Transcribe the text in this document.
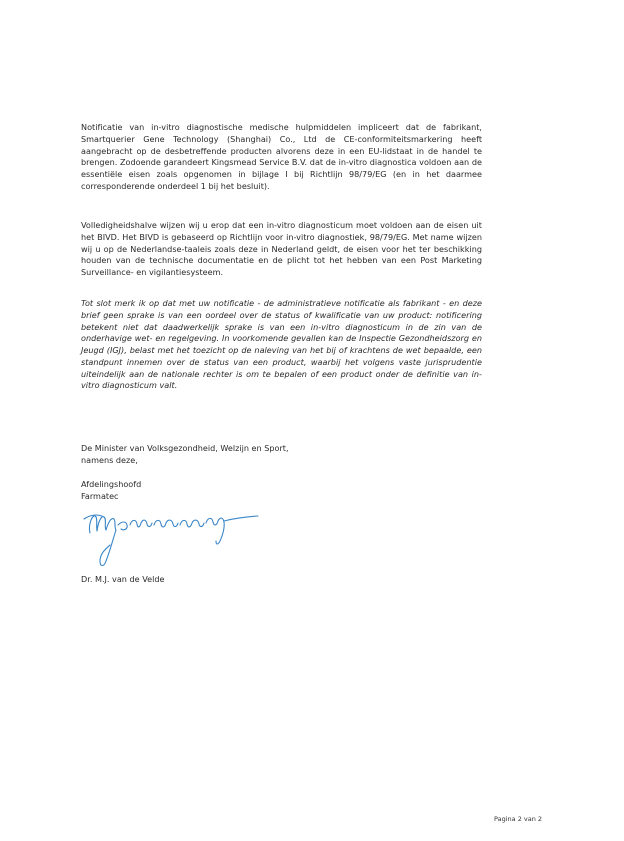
Notificatie van in-vitro diagnostische medische hulpmiddelen impliceert dat de fabrikant, Smartquerier Gene Technology (Shanghai) Co., Ltd de CE-conformiteitsmarkering heeft aangebracht op de desbetreffende producten alvorens deze in een EU-lidstaat in de handel te brengen. Zodoende garandeert Kingsmead Service B.V. dat de in-vitro diagnostica voldoen aan de essentiële eisen zoals opgenomen in bijlage I bij Richtlijn 98/79/EG (en in het daarmee corresponderende onderdeel 1 bij het besluit).

Volledigheidshalve wijzen wij u erop dat een in-vitro diagnosticum moet voldoen aan de eisen uit het BIVD. Het BIVD is gebaseerd op Richtlijn voor in-vitro diagnostiek, 98/79/EG. Met name wijzen wij u op de Nederlandse-taaleis zoals deze in Nederland geldt, de eisen voor het ter beschikking houden van de technische documentatie en de plicht tot het hebben van een Post Marketing Surveillance- en vigilantiesysteem.

Tot slot merk ik op dat met uw notificatie - de administratieve notificatie als fabrikant - en deze brief geen sprake is van een oordeel over de status of kwalificatie van uw product: notificering betekent niet dat daadwerkelijk sprake is van een in-vitro diagnosticum in de zin van de onderhavige wet- en regelgeving. In voorkomende gevallen kan de Inspectie Gezondheidszorg en Jeugd (IGJ), belast met het toezicht op de naleving van het bij of krachtens de wet bepaalde, een standpunt innemen over de status van een product, waarbij het volgens vaste jurisprudentie uiteindelijk aan de nationale rechter is om te bepalen of een product onder de definitie van in-vitro diagnosticum valt.

De Minister van Volksgezondheid, Welzijn en Sport,

namens deze,

Afdelingshoofd

Farmatec

Dr. M.J. van de Velde

Pagina 2 van 2
